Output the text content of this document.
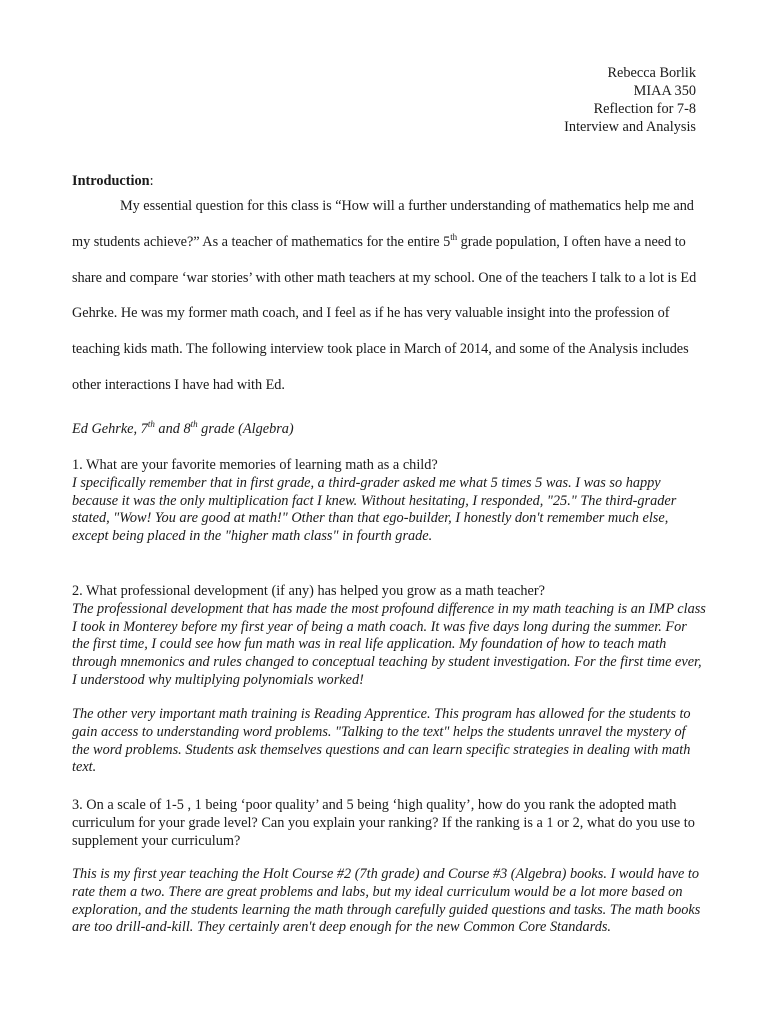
Rebecca Borlik
MIAA 350
Reflection for 7-8
Interview and Analysis
Introduction:
My essential question for this class is “How will a further understanding of mathematics help me and my students achieve?” As a teacher of mathematics for the entire 5th grade population, I often have a need to share and compare ‘war stories’ with other math teachers at my school. One of the teachers I talk to a lot is Ed Gehrke. He was my former math coach, and I feel as if he has very valuable insight into the profession of teaching kids math. The following interview took place in March of 2014, and some of the Analysis includes other interactions I have had with Ed.
Ed Gehrke, 7th and 8th grade (Algebra)

1. What are your favorite memories of learning math as a child?

I specifically remember that in first grade, a third-grader asked me what 5 times 5 was. I was so happy because it was the only multiplication fact I knew. Without hesitating, I responded, "25." The third-grader stated, "Wow! You are good at math!" Other than that ego-builder, I honestly don't remember much else, except being placed in the "higher math class" in fourth grade.

2. What professional development (if any) has helped you grow as a math teacher?

The professional development that has made the most profound difference in my math teaching is an IMP class I took in Monterey before my first year of being a math coach. It was five days long during the summer. For the first time, I could see how fun math was in real life application. My foundation of how to teach math through mnemonics and rules changed to conceptual teaching by student investigation. For the first time ever, I understood why multiplying polynomials worked!

The other very important math training is Reading Apprentice. This program has allowed for the students to gain access to understanding word problems. "Talking to the text" helps the students unravel the mystery of the word problems. Students ask themselves questions and can learn specific strategies in dealing with math text.

3. On a scale of 1-5 , 1 being ‘poor quality’ and 5 being ‘high quality’, how do you rank the adopted math curriculum for your grade level? Can you explain your ranking? If the ranking is a 1 or 2, what do you use to supplement your curriculum?

This is my first year teaching the Holt Course #2 (7th grade) and Course #3 (Algebra) books. I would have to rate them a two. There are great problems and labs, but my ideal curriculum would be a lot more based on exploration, and the students learning the math through carefully guided questions and tasks. The math books are too drill-and-kill. They certainly aren't deep enough for the new Common Core Standards.
